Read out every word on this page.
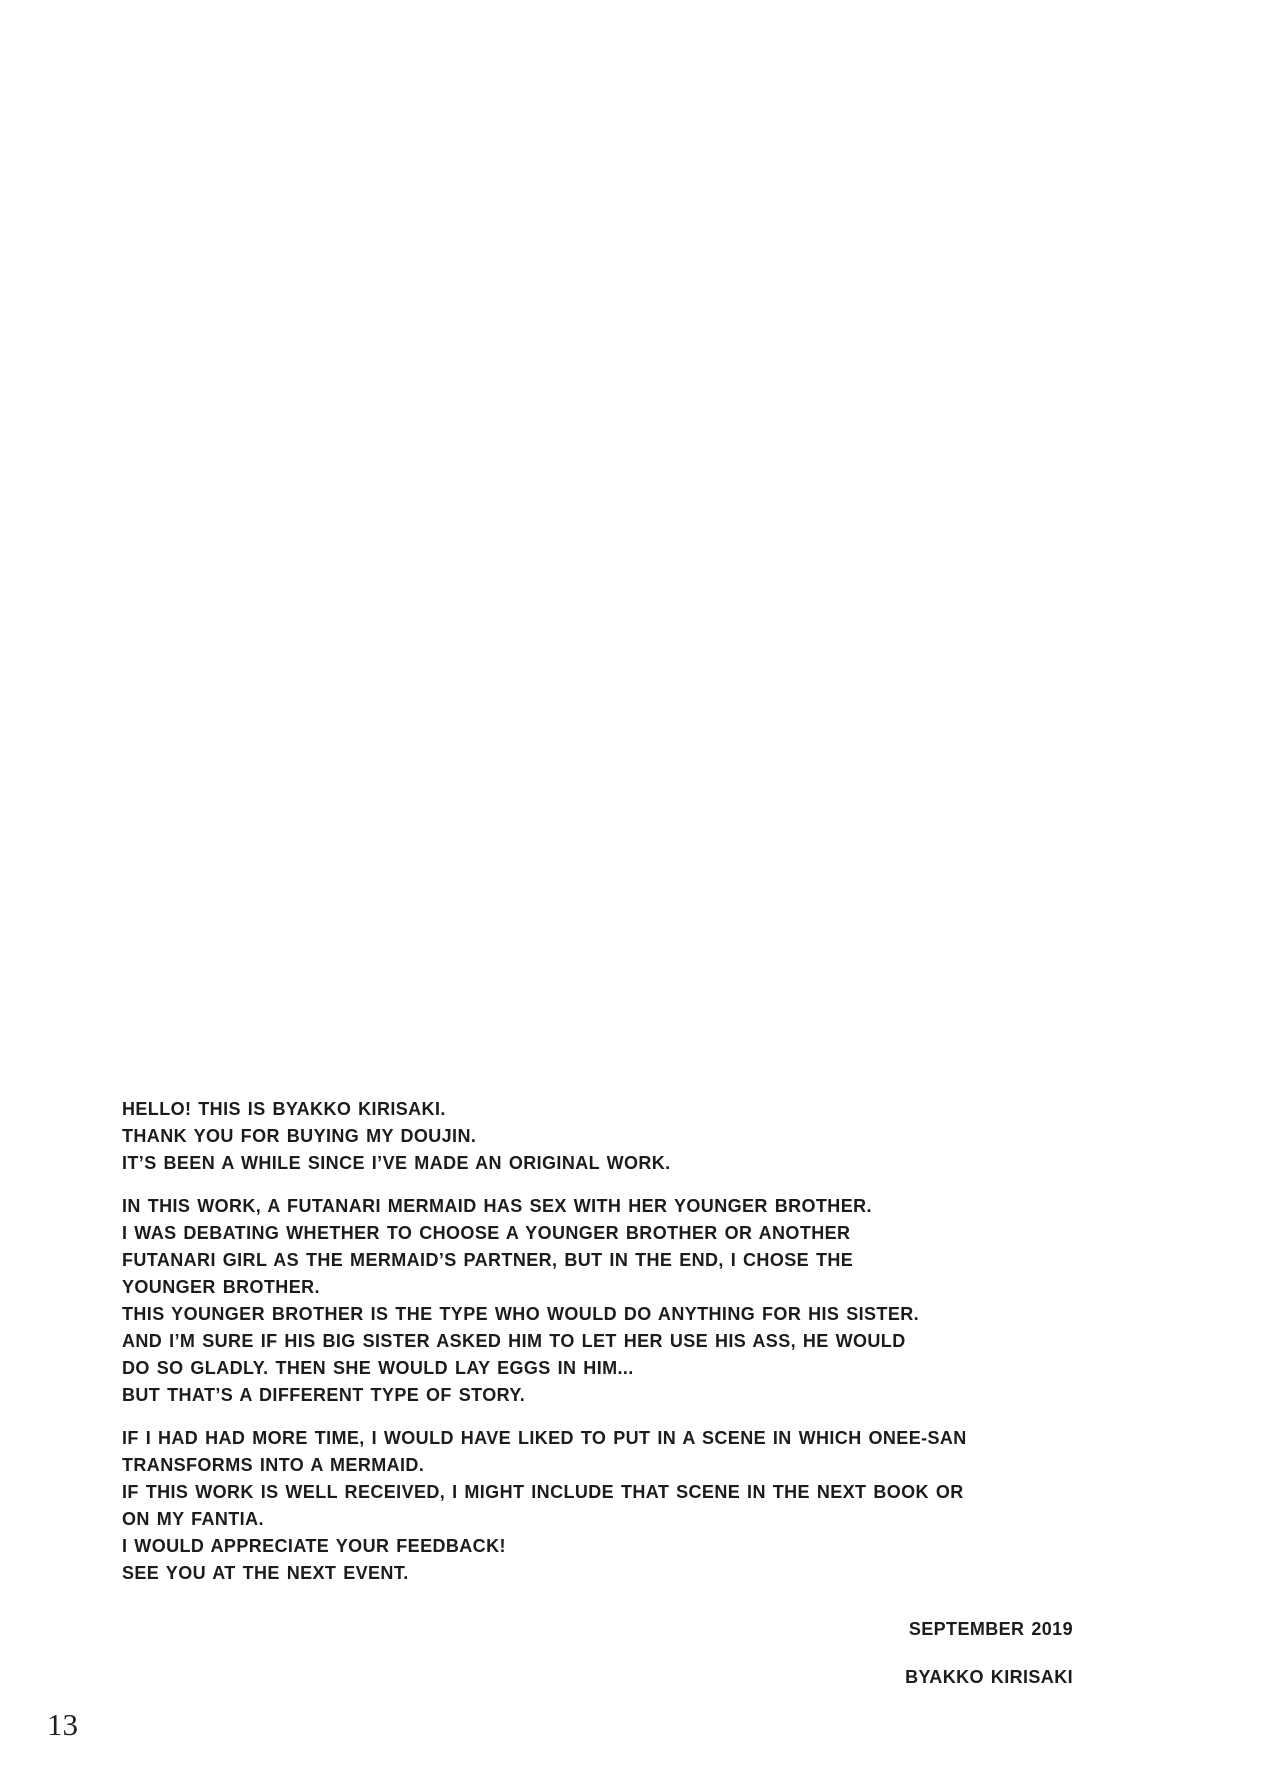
HELLO! THIS IS BYAKKO KIRISAKI.
THANK YOU FOR BUYING MY DOUJIN.
IT’S BEEN A WHILE SINCE I’VE MADE AN ORIGINAL WORK.
IN THIS WORK, A FUTANARI MERMAID HAS SEX WITH HER YOUNGER BROTHER.
I WAS DEBATING WHETHER TO CHOOSE A YOUNGER BROTHER OR ANOTHER
FUTANARI GIRL AS THE MERMAID’S PARTNER, BUT IN THE END, I CHOSE THE
YOUNGER BROTHER.
THIS YOUNGER BROTHER IS THE TYPE WHO WOULD DO ANYTHING FOR HIS SISTER.
AND I’M SURE IF HIS BIG SISTER ASKED HIM TO LET HER USE HIS ASS, HE WOULD
DO SO GLADLY. THEN SHE WOULD LAY EGGS IN HIM...
BUT THAT’S A DIFFERENT TYPE OF STORY.
IF I HAD HAD MORE TIME, I WOULD HAVE LIKED TO PUT IN A SCENE IN WHICH ONEE-SAN
TRANSFORMS INTO A MERMAID.
IF THIS WORK IS WELL RECEIVED, I MIGHT INCLUDE THAT SCENE IN THE NEXT BOOK OR
ON MY FANTIA.
I WOULD APPRECIATE YOUR FEEDBACK!
SEE YOU AT THE NEXT EVENT.
SEPTEMBER 2019
BYAKKO KIRISAKI
13
